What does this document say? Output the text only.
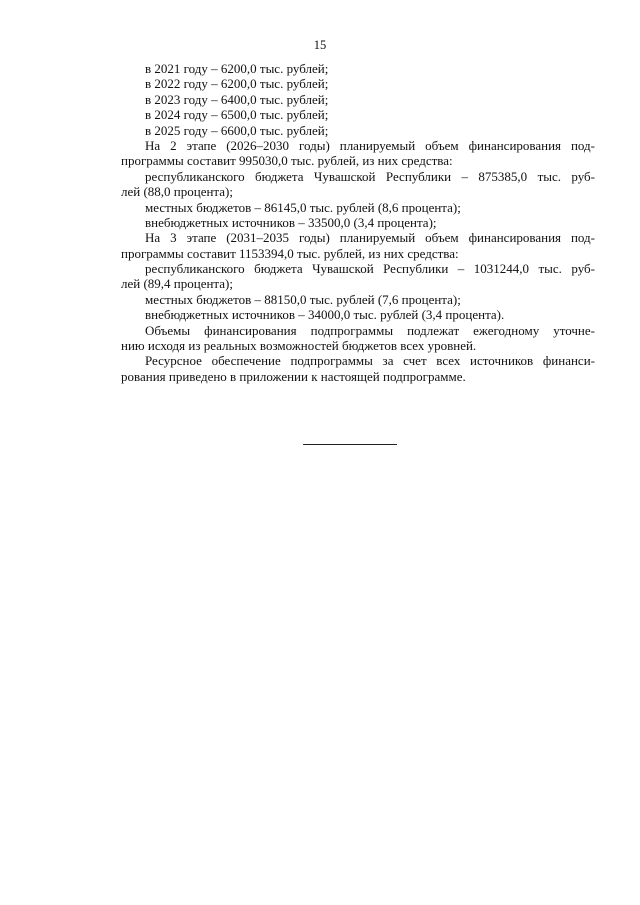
15
в 2021 году – 6200,0 тыс. рублей;
в 2022 году – 6200,0 тыс. рублей;
в 2023 году – 6400,0 тыс. рублей;
в 2024 году – 6500,0 тыс. рублей;
в 2025 году – 6600,0 тыс. рублей;
На 2 этапе (2026–2030 годы) планируемый объем финансирования под-
программы составит 995030,0 тыс. рублей, из них средства:
республиканского бюджета Чувашской Республики – 875385,0 тыс. руб-
лей (88,0 процента);
местных бюджетов – 86145,0 тыс. рублей (8,6 процента);
внебюджетных источников – 33500,0 (3,4 процента);
На 3 этапе (2031–2035 годы) планируемый объем финансирования под-
программы составит 1153394,0 тыс. рублей, из них средства:
республиканского бюджета Чувашской Республики – 1031244,0 тыс. руб-
лей (89,4 процента);
местных бюджетов – 88150,0 тыс. рублей (7,6 процента);
внебюджетных источников – 34000,0 тыс. рублей (3,4 процента).
Объемы финансирования подпрограммы подлежат ежегодному уточне-
нию исходя из реальных возможностей бюджетов всех уровней.
Ресурсное обеспечение подпрограммы за счет всех источников финанси-
рования приведено в приложении к настоящей подпрограмме.
